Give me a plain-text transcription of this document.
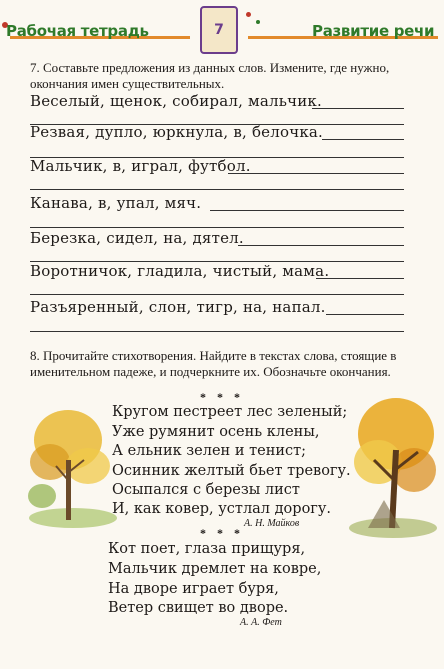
Рабочая тетрадь	7	Развитие речи
7. Составьте предложения из данных слов. Измените, где нужно, окончания имен существительных.
Веселый, щенок, собирал, мальчик.
Резвая, дупло, юркнула, в, белочка.
Мальчик, в, играл, футбол.
Канава, в, упал, мяч.
Березка, сидел, на, дятел.
Воротничок, гладила, чистый, мама.
Разъяренный, слон, тигр, на, напал.
8. Прочитайте стихотворения. Найдите в текстах слова, стоящие в именительном падеже, и подчеркните их. Обозначьте окончания.
* * *
Кругом пестреет лес зеленый;
Уже румянит осень клены,
А ельник зелен и тенист;
Осинник желтый бьет тревогу.
Осыпался с березы лист
И, как ковер, устлал дорогу.
А. Н. Майков
* * *
Кот поет, глаза прищуря,
Мальчик дремлет на ковре,
На дворе играет буря,
Ветер свищет во дворе.
А. А. Фет
